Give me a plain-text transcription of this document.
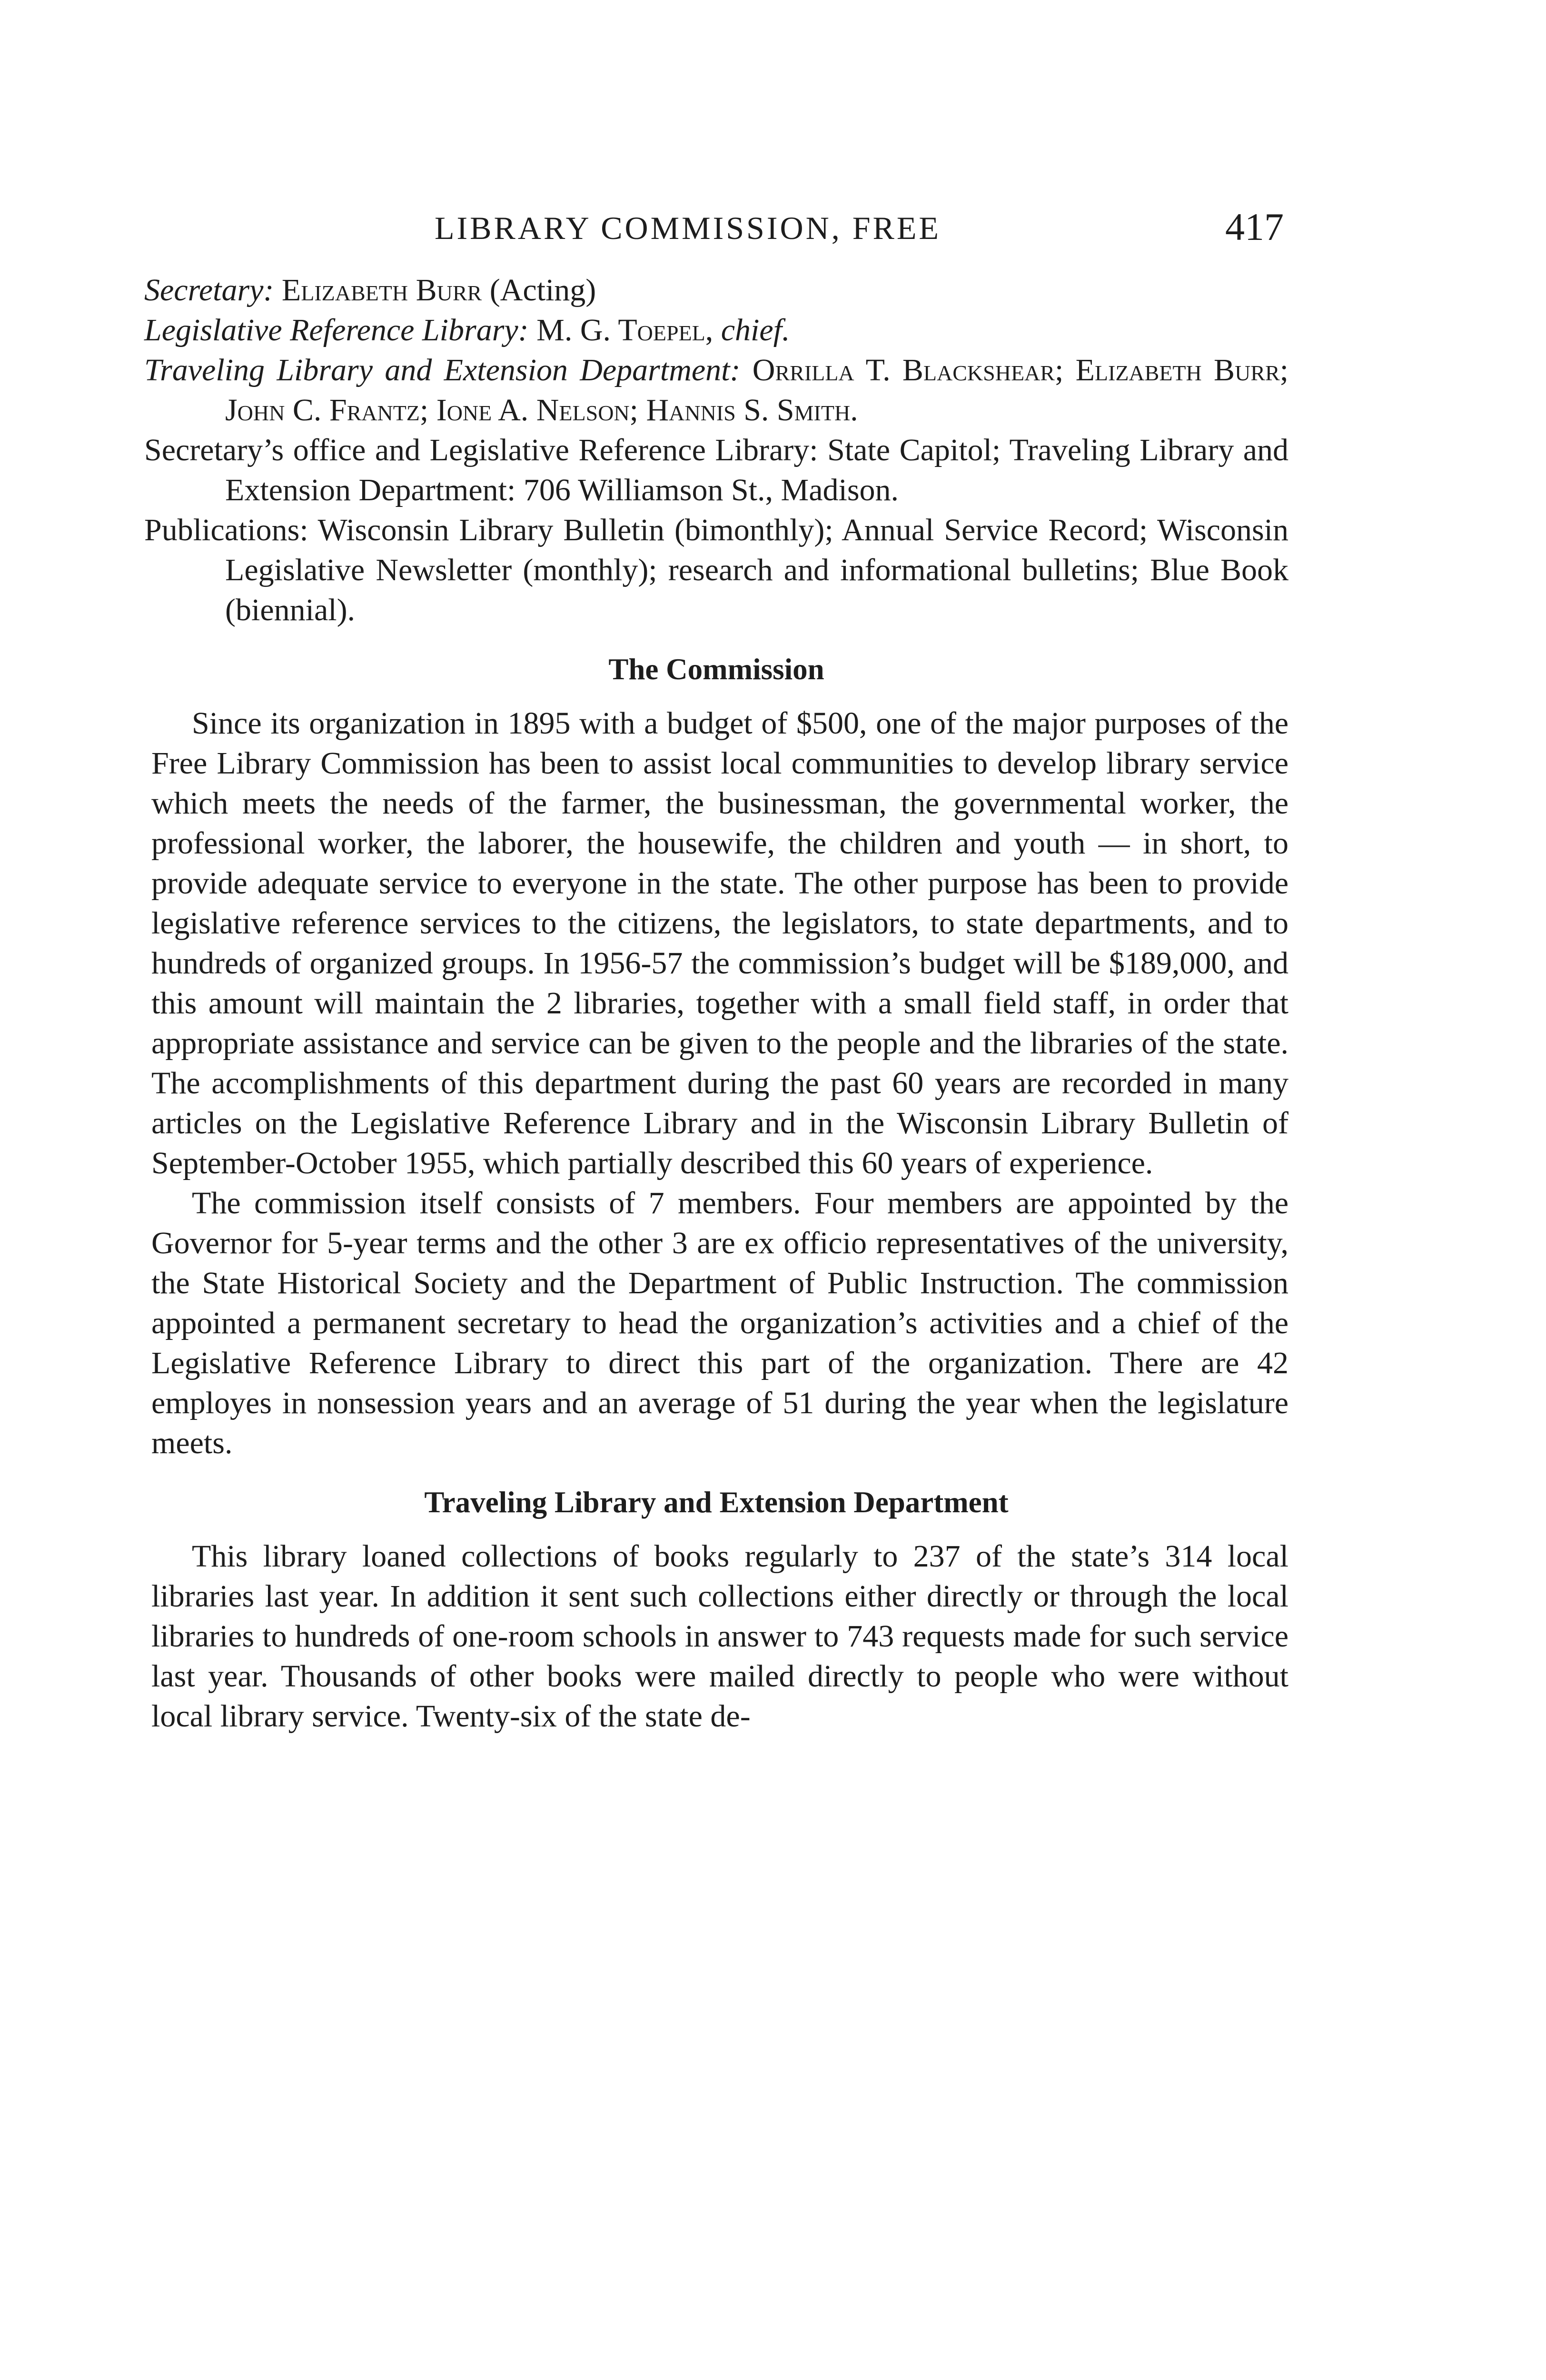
LIBRARY COMMISSION, FREE	417

Secretary: Elizabeth Burr (Acting)

Legislative Reference Library: M. G. Toepel, chief.

Traveling Library and Extension Department: Orrilla T. Blackshear; Elizabeth Burr; John C. Frantz; Ione A. Nelson; Hannis S. Smith.

Secretary’s office and Legislative Reference Library: State Capitol; Traveling Library and Extension Department: 706 Williamson St., Madison.

Publications: Wisconsin Library Bulletin (bimonthly); Annual Service Record; Wisconsin Legislative Newsletter (monthly); research and informational bulletins; Blue Book (biennial).

The Commission

Since its organization in 1895 with a budget of $500, one of the major purposes of the Free Library Commission has been to assist local communities to develop library service which meets the needs of the farmer, the businessman, the governmental worker, the professional worker, the laborer, the housewife, the children and youth — in short, to provide adequate service to everyone in the state. The other purpose has been to provide legislative reference services to the citizens, the legislators, to state departments, and to hundreds of organized groups. In 1956-57 the commission’s budget will be $189,000, and this amount will maintain the 2 libraries, together with a small field staff, in order that appropriate assistance and service can be given to the people and the libraries of the state. The accomplishments of this department during the past 60 years are recorded in many articles on the Legislative Reference Library and in the Wisconsin Library Bulletin of September-October 1955, which partially described this 60 years of experience.

The commission itself consists of 7 members. Four members are appointed by the Governor for 5-year terms and the other 3 are ex officio representatives of the university, the State Historical Society and the Department of Public Instruction. The commission appointed a permanent secretary to head the organization’s activities and a chief of the Legislative Reference Library to direct this part of the organization. There are 42 employes in nonsession years and an average of 51 during the year when the legislature meets.

Traveling Library and Extension Department

This library loaned collections of books regularly to 237 of the state’s 314 local libraries last year. In addition it sent such collections either directly or through the local libraries to hundreds of one-room schools in answer to 743 requests made for such service last year. Thousands of other books were mailed directly to people who were without local library service. Twenty-six of the state de-
